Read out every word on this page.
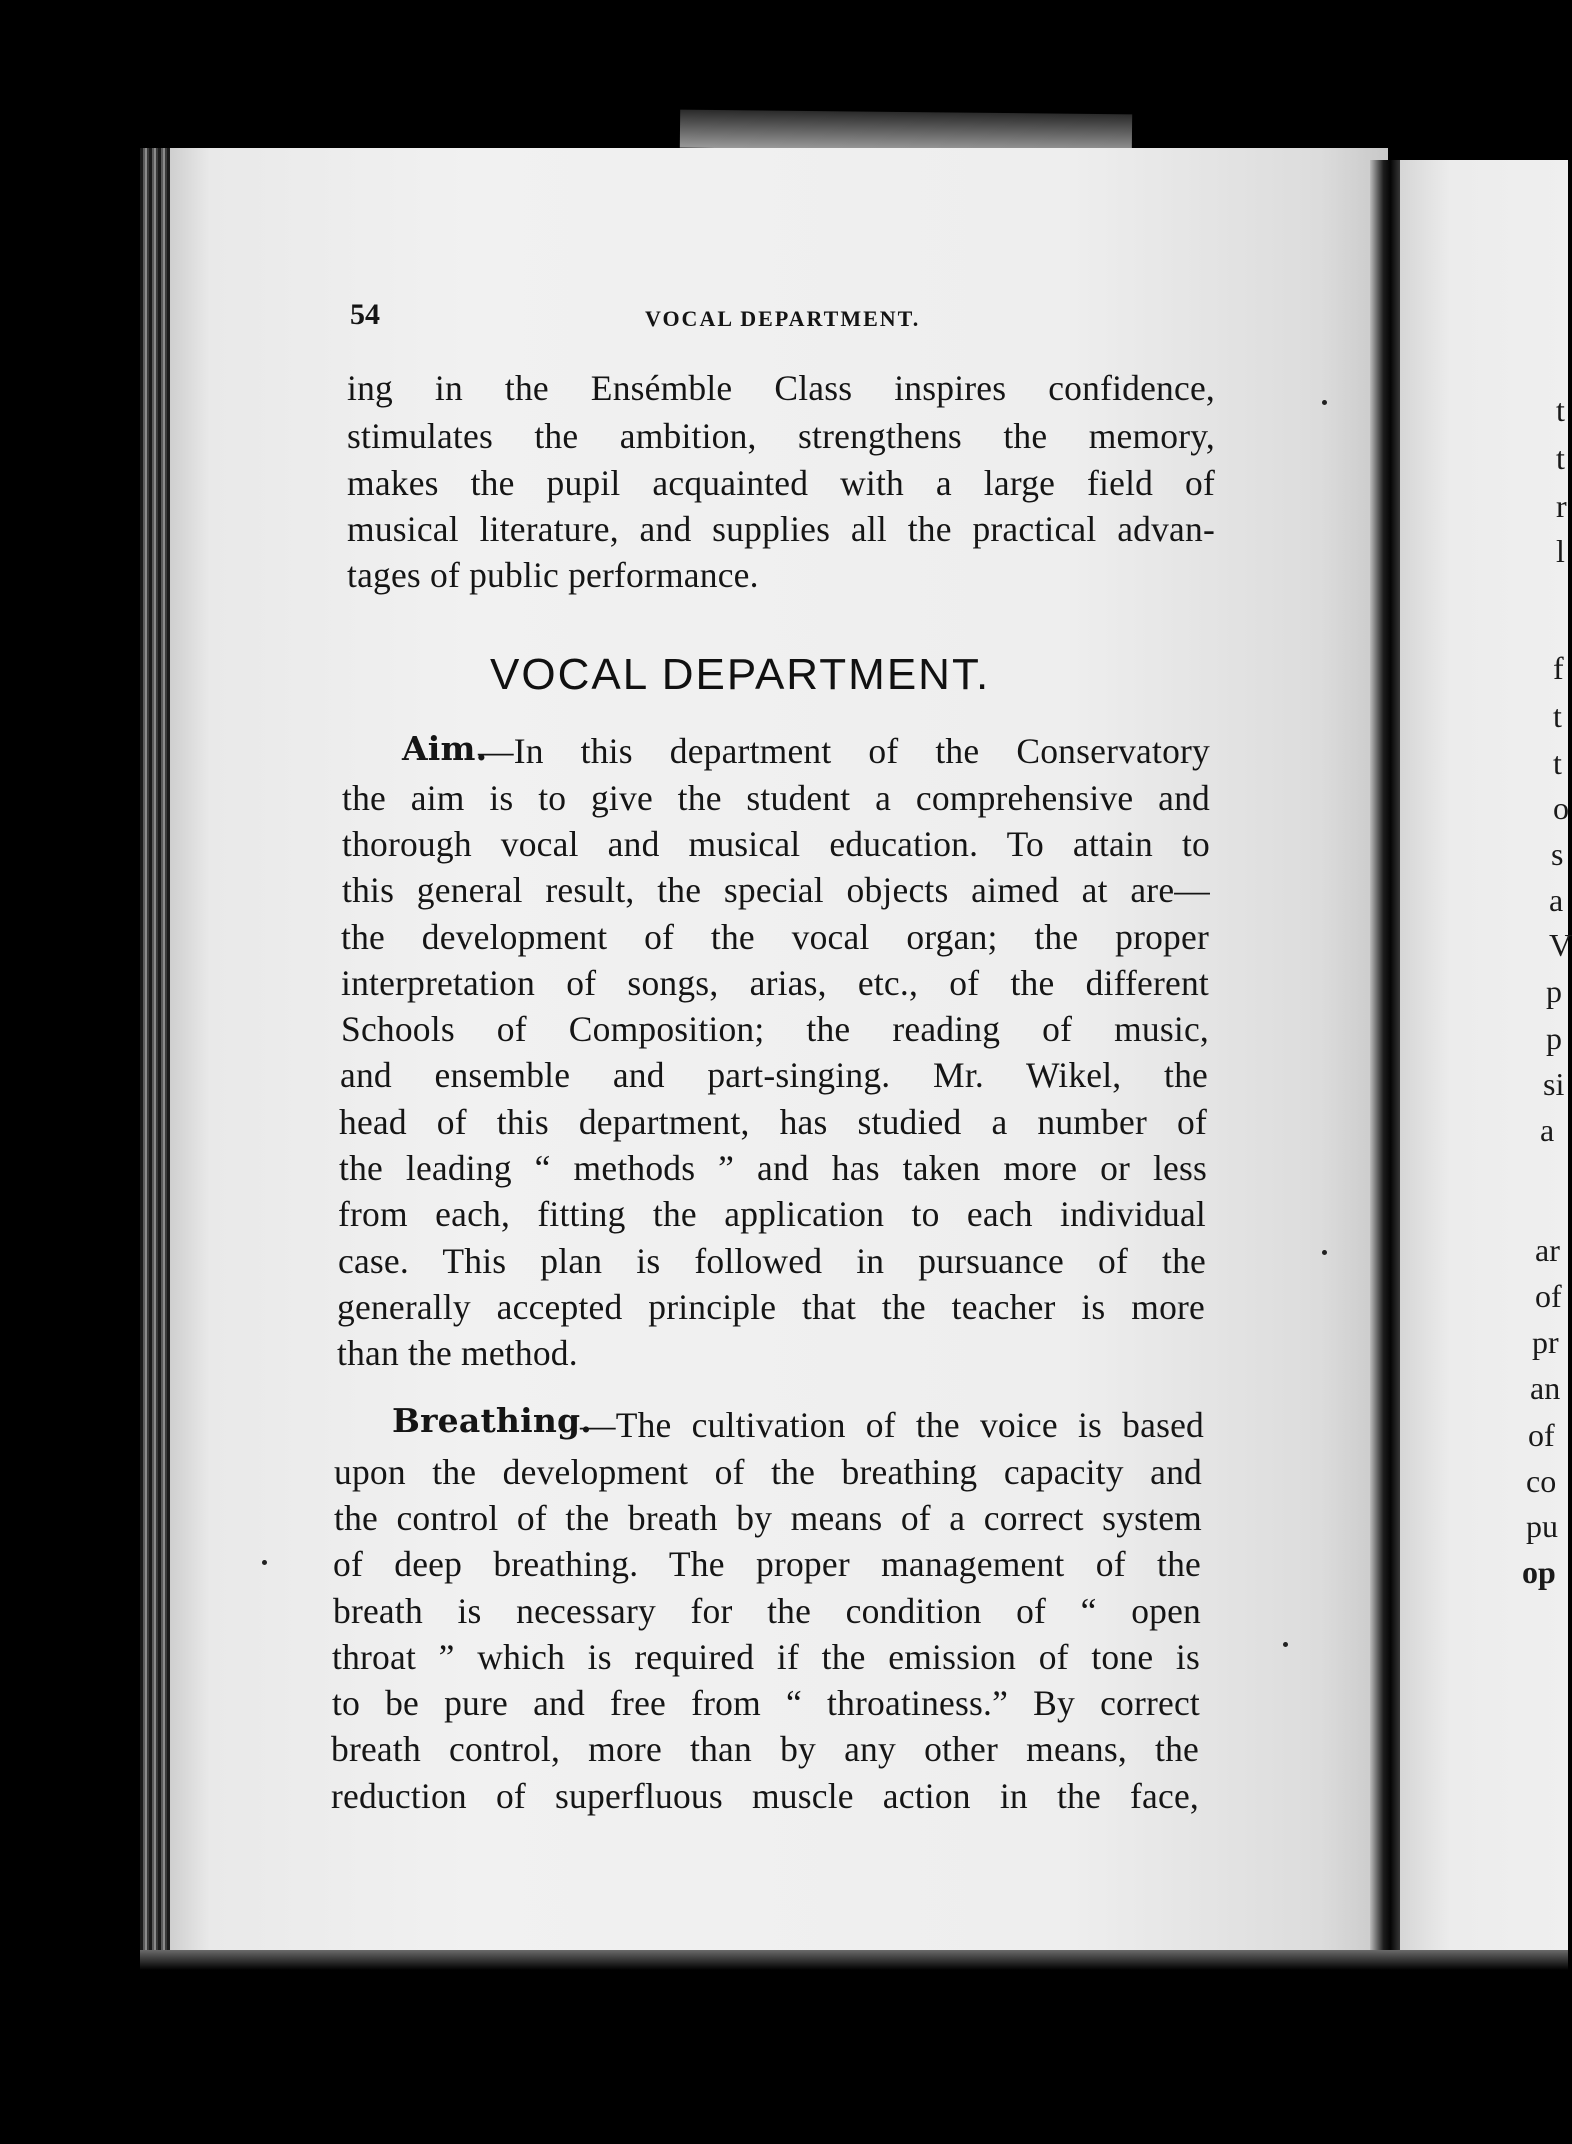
54	VOCAL DEPARTMENT.
ing in the Ensémble Class inspires confidence,
stimulates the ambition, strengthens the memory,
makes the pupil acquainted with a large field of
musical literature, and supplies all the practical advan-
tages of public performance.
VOCAL DEPARTMENT.
Aim.
—In this department of the Conservatory
the aim is to give the student a comprehensive and
thorough vocal and musical education. To attain to
this general result, the special objects aimed at are—
the development of the vocal organ; the proper
interpretation of songs, arias, etc., of the different
Schools of Composition; the reading of music,
and ensemble and part-singing. Mr. Wikel, the
head of this department, has studied a number of
the leading “ methods ” and has taken more or less
from each, fitting the application to each individual
case. This plan is followed in pursuance of the
generally accepted principle that the teacher is more
than the method.
Breathing.
—The cultivation of the voice is based
upon the development of the breathing capacity and
the control of the breath by means of a correct system
of deep breathing. The proper management of the
breath is necessary for the condition of “ open
throat ” which is required if the emission of tone is
to be pure and free from “ throatiness.” By correct
breath control, more than by any other means, the
reduction of superfluous muscle action in the face,
t
t
r
l
f
t
t
o
s
a
V
p
p
si
a
ar
of
pr
an
of
co
pu
op
